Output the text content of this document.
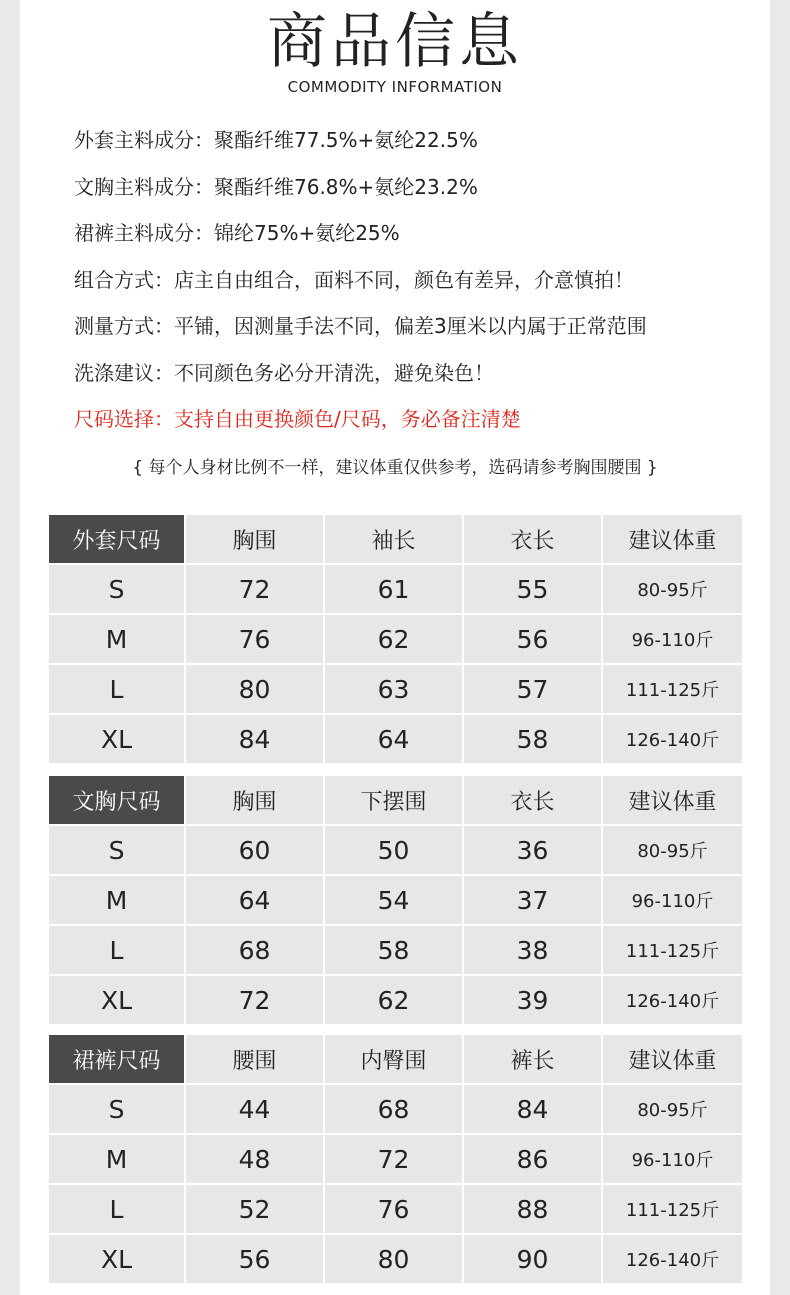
商品信息
COMMODITY INFORMATION
外套主料成分：聚酯纤维77.5%+氨纶22.5%
文胸主料成分：聚酯纤维76.8%+氨纶23.2%
裙裤主料成分：锦纶75%+氨纶25%
组合方式：店主自由组合，面料不同，颜色有差异，介意慎拍！
测量方式：平铺，因测量手法不同，偏差3厘米以内属于正常范围
洗涤建议：不同颜色务必分开清洗，避免染色！
尺码选择：支持自由更换颜色/尺码，务必备注清楚
{ 每个人身材比例不一样，建议体重仅供参考，选码请参考胸围腰围 }
外套尺码	胸围	袖长	衣长	建议体重
S	72	61	55	80-95斤
M	76	62	56	96-110斤
L	80	63	57	111-125斤
XL	84	64	58	126-140斤
文胸尺码	胸围	下摆围	衣长	建议体重
S	60	50	36	80-95斤
M	64	54	37	96-110斤
L	68	58	38	111-125斤
XL	72	62	39	126-140斤
裙裤尺码	腰围	内臀围	裤长	建议体重
S	44	68	84	80-95斤
M	48	72	86	96-110斤
L	52	76	88	111-125斤
XL	56	80	90	126-140斤
